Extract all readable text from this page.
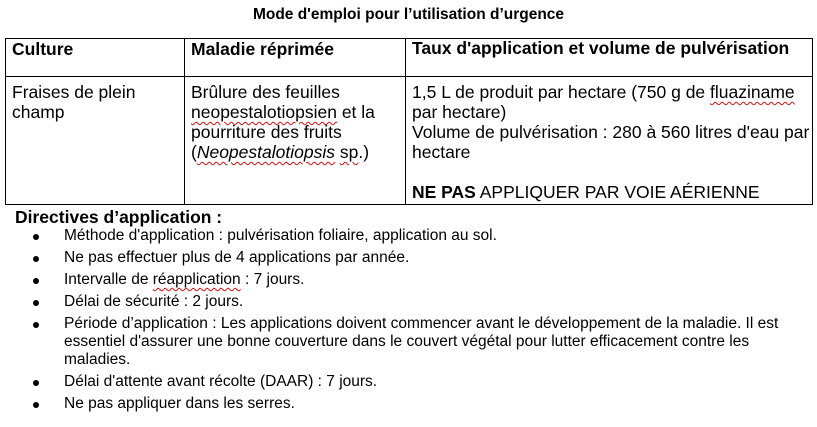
Mode d'emploi pour l’utilisation d’urgence
Culture	Maladie réprimée	Taux d'application et volume de pulvérisation
Fraises de plein champ
Brûlure des feuilles neopestalotiopsien et la pourriture des fruits (Neopestalotiopsis sp.)
1,5 L de produit par hectare (750 g de fluaziname par hectare)
Volume de pulvérisation : 280 à 560 litres d'eau par hectare
NE PAS APPLIQUER PAR VOIE AÉRIENNE
Directives d’application :
Méthode d'application : pulvérisation foliaire, application au sol.
Ne pas effectuer plus de 4 applications par année.
Intervalle de réapplication : 7 jours.
Délai de sécurité : 2 jours.
Période d’application : Les applications doivent commencer avant le développement de la maladie. Il est essentiel d'assurer une bonne couverture dans le couvert végétal pour lutter efficacement contre les maladies.
Délai d'attente avant récolte (DAAR) : 7 jours.
Ne pas appliquer dans les serres.
